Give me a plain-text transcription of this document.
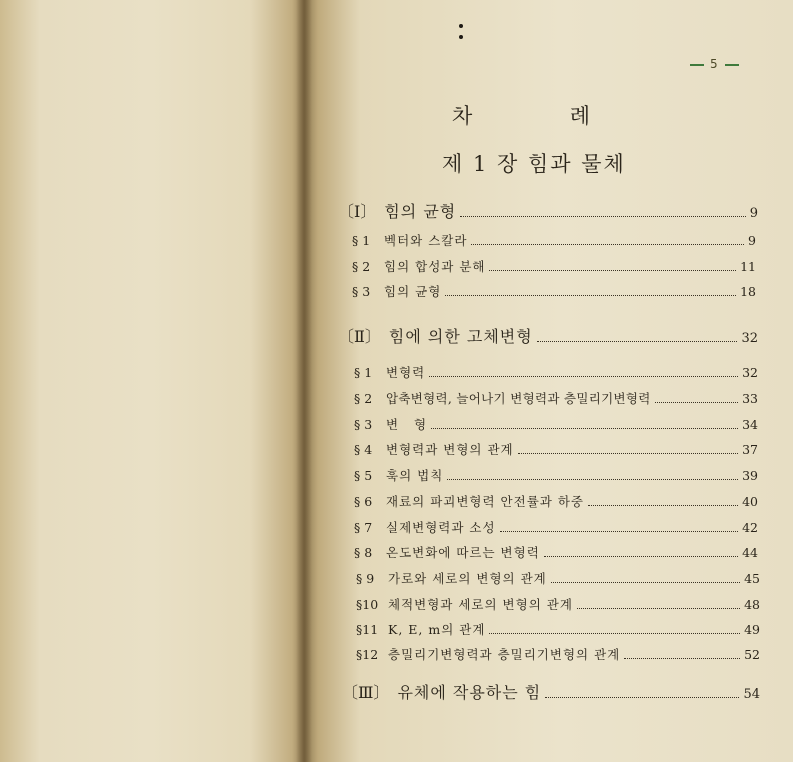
5
차	례
제 1 장 힘과 물체
〔Ⅰ〕 힘의 균형	9
§ 1	벡터와 스칼라	9
§ 2	힘의 합성과 분해	11
§ 3	힘의 균형	18
〔Ⅱ〕 힘에 의한 고체변형	32
§ 1	변형력	32
§ 2	압축변형력, 늘어나기 변형력과 층밀리기변형력	33
§ 3	변   형	34
§ 4	변형력과 변형의 관계	37
§ 5	훅의 법칙	39
§ 6	재료의 파괴변형력 안전률과 하중	40
§ 7	실제변형력과 소성	42
§ 8	온도변화에 따르는 변형력	44
§ 9	가로와 세로의 변형의 관계	45
§10 체적변형과 세로의 변형의 관계	48
§11 K, E, m의 관계	49
§12 층밀리기변형력과 층밀리기변형의 관계	52
〔Ⅲ〕 유체에 작용하는 힘	54
